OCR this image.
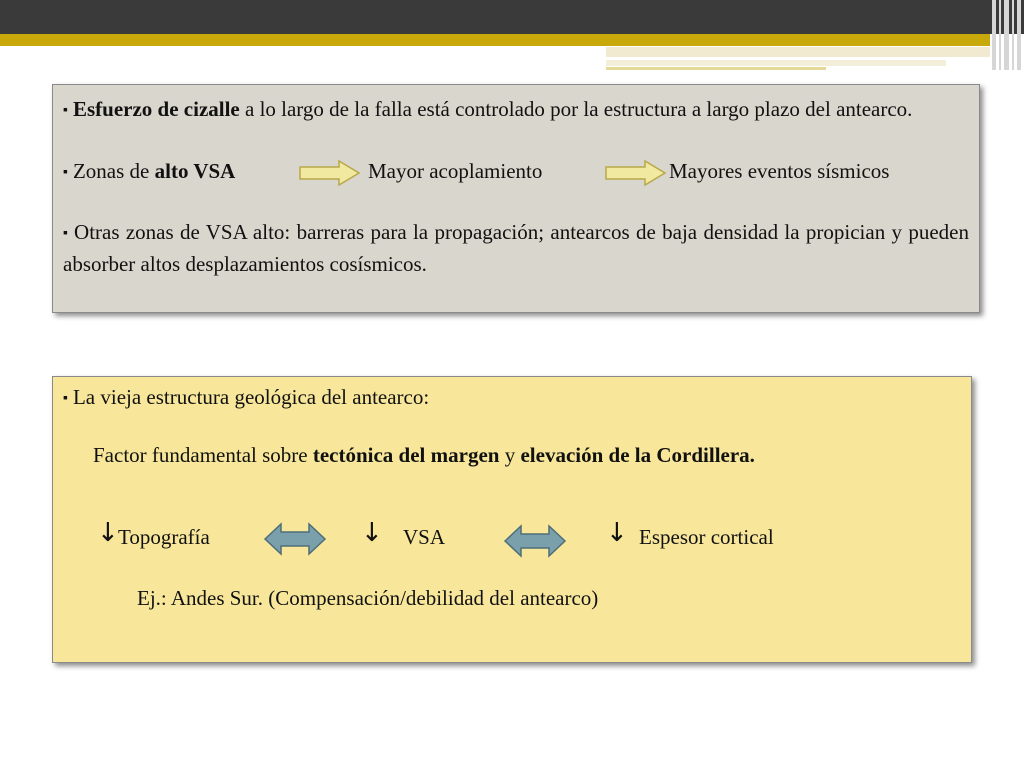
▪ Esfuerzo de cizalle a lo largo de la falla está controlado por la estructura a largo plazo del antearco.

▪ Zonas de alto VSA	Mayor acoplamiento	Mayores eventos sísmicos

▪ Otras zonas de VSA alto: barreras para la propagación; antearcos de baja densidad la propician y pueden absorber altos desplazamientos cosísmicos.

▪ La vieja estructura geológica del antearco:

Factor fundamental sobre tectónica del margen y elevación de la Cordillera.

↓ Topografía	↓ VSA	↓ Espesor cortical

Ej.: Andes Sur. (Compensación/debilidad del antearco)
